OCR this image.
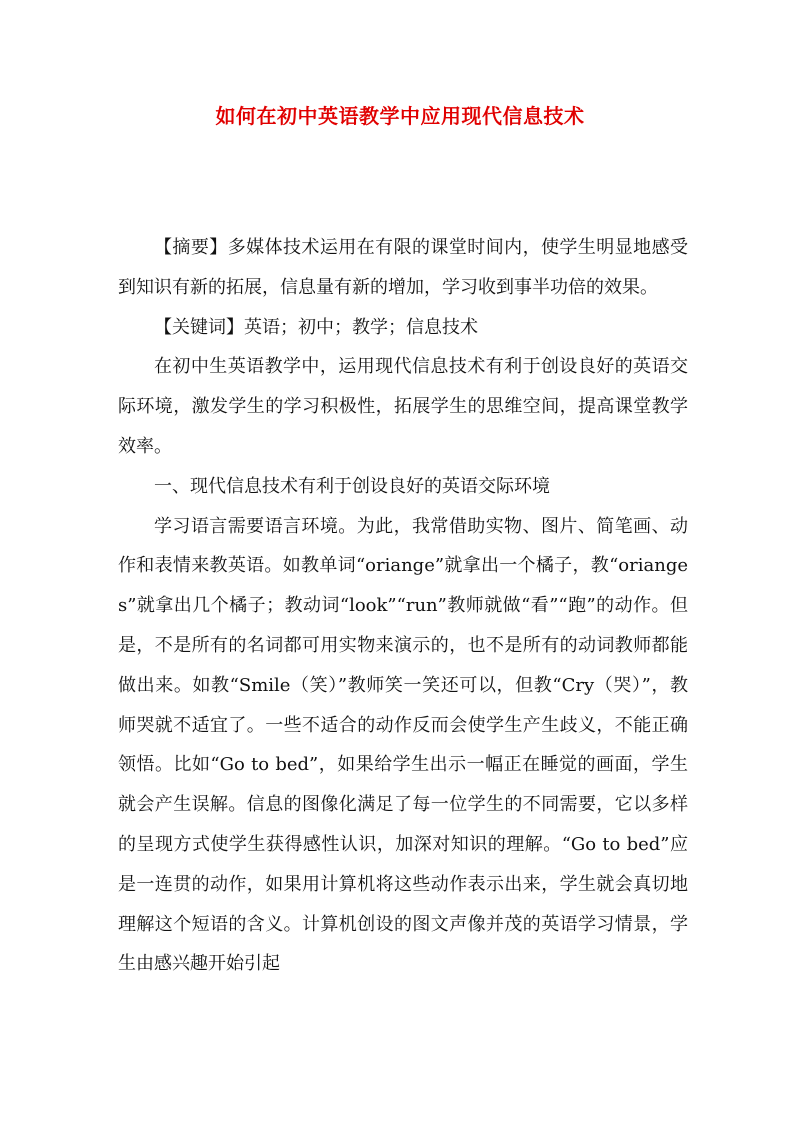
如何在初中英语教学中应用现代信息技术

【摘要】多媒体技术运用在有限的课堂时间内，使学生明显地感受到知识有新的拓展，信息量有新的增加，学习收到事半功倍的效果。

【关键词】英语；初中；教学；信息技术

在初中生英语教学中，运用现代信息技术有利于创设良好的英语交际环境，激发学生的学习积极性，拓展学生的思维空间，提高课堂教学效率。

一、现代信息技术有利于创设良好的英语交际环境

学习语言需要语言环境。为此，我常借助实物、图片、简笔画、动作和表情来教英语。如教单词“oriange”就拿出一个橘子，教“orianges”就拿出几个橘子；教动词“look”“run”教师就做“看”“跑”的动作。但是，不是所有的名词都可用实物来演示的，也不是所有的动词教师都能做出来。如教“Smile（笑）”教师笑一笑还可以，但教“Cry（哭）”，教师哭就不适宜了。一些不适合的动作反而会使学生产生歧义，不能正确领悟。比如“Go to bed”，如果给学生出示一幅正在睡觉的画面，学生就会产生误解。信息的图像化满足了每一位学生的不同需要，它以多样的呈现方式使学生获得感性认识，加深对知识的理解。“Go to bed”应是一连贯的动作，如果用计算机将这些动作表示出来，学生就会真切地理解这个短语的含义。计算机创设的图文声像并茂的英语学习情景，学生由感兴趣开始引起
